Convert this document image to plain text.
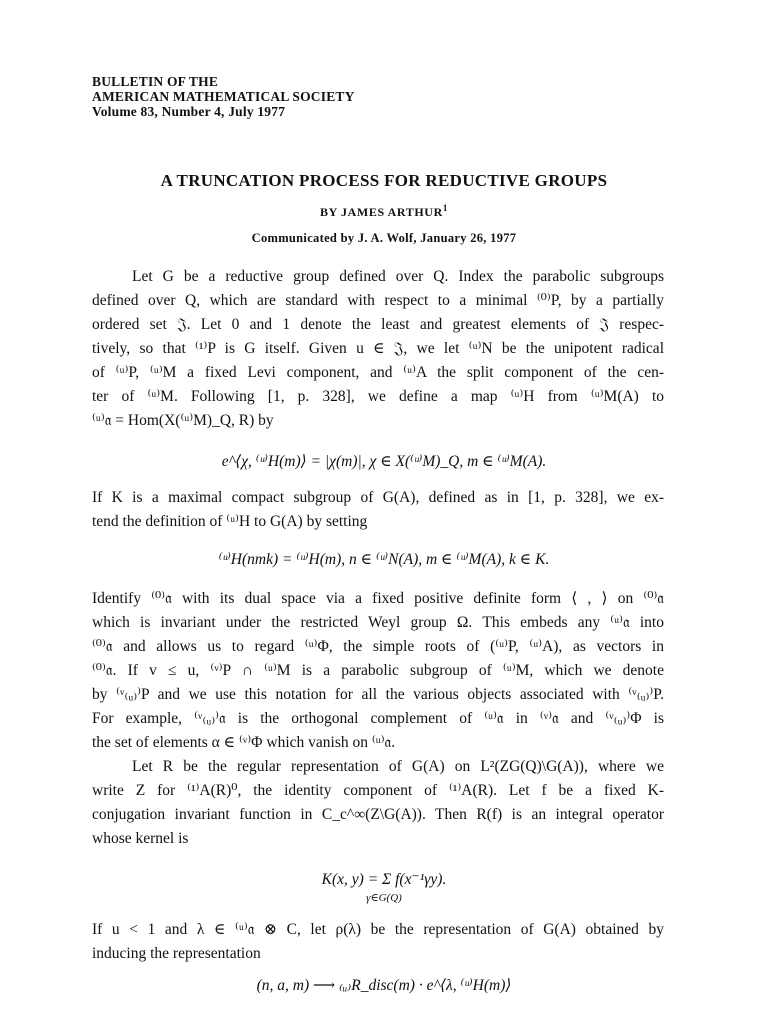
BULLETIN OF THE
AMERICAN MATHEMATICAL SOCIETY
Volume 83, Number 4, July 1977
A TRUNCATION PROCESS FOR REDUCTIVE GROUPS
BY JAMES ARTHUR$^1$
Communicated by J. A. Wolf, January 26, 1977
Let G be a reductive group defined over Q. Index the parabolic subgroups
defined over Q, which are standard with respect to a minimal ⁽⁰⁾P, by a partially
ordered set 𝔍. Let 0 and 1 denote the least and greatest elements of 𝔍 respec-
tively, so that ⁽¹⁾P is G itself. Given u ∈ 𝔍, we let ⁽ᵘ⁾N be the unipotent radical
of ⁽ᵘ⁾P, ⁽ᵘ⁾M a fixed Levi component, and ⁽ᵘ⁾A the split component of the cen-
ter of ⁽ᵘ⁾M. Following [1, p. 328], we define a map ⁽ᵘ⁾H from ⁽ᵘ⁾M(A) to
⁽ᵘ⁾𝔞 = Hom(X(⁽ᵘ⁾M)_Q, R) by
e^⟨χ, ⁽ᵘ⁾H(m)⟩ = |χ(m)|, χ ∈ X(⁽ᵘ⁾M)_Q, m ∈ ⁽ᵘ⁾M(A).
If K is a maximal compact subgroup of G(A), defined as in [1, p. 328], we ex-
tend the definition of ⁽ᵘ⁾H to G(A) by setting
⁽ᵘ⁾H(nmk) = ⁽ᵘ⁾H(m), n ∈ ⁽ᵘ⁾N(A), m ∈ ⁽ᵘ⁾M(A), k ∈ K.
Identify ⁽⁰⁾𝔞 with its dual space via a fixed positive definite form ⟨ , ⟩ on ⁽⁰⁾𝔞
which is invariant under the restricted Weyl group Ω. This embeds any ⁽ᵘ⁾𝔞 into
⁽⁰⁾𝔞 and allows us to regard ⁽ᵘ⁾Φ, the simple roots of (⁽ᵘ⁾P, ⁽ᵘ⁾A), as vectors in
⁽⁰⁾𝔞. If v ≤ u, ⁽ᵛ⁾P ∩ ⁽ᵘ⁾M is a parabolic subgroup of ⁽ᵘ⁾M, which we denote
by ⁽ᵛ₍ᵤ₎⁾P and we use this notation for all the various objects associated with ⁽ᵛ₍ᵤ₎⁾P.
For example, ⁽ᵛ₍ᵤ₎⁾𝔞 is the orthogonal complement of ⁽ᵘ⁾𝔞 in ⁽ᵛ⁾𝔞 and ⁽ᵛ₍ᵤ₎⁾Φ is
the set of elements α ∈ ⁽ᵛ⁾Φ which vanish on ⁽ᵘ⁾𝔞.
Let R be the regular representation of G(A) on L²(ZG(Q)\G(A)), where we
write Z for ⁽¹⁾A(R)⁰, the identity component of ⁽¹⁾A(R). Let f be a fixed K-
conjugation invariant function in C_c^∞(Z\G(A)). Then R(f) is an integral operator
whose kernel is
K(x, y) = Σ f(x⁻¹γy).
γ∈G(Q)
If u < 1 and λ ∈ ⁽ᵘ⁾𝔞 ⊗ C, let ρ(λ) be the representation of G(A) obtained by
inducing the representation
(n, a, m) ⟶ ₍ᵤ₎R_disc(m) · e^⟨λ, ⁽ᵘ⁾H(m)⟩
